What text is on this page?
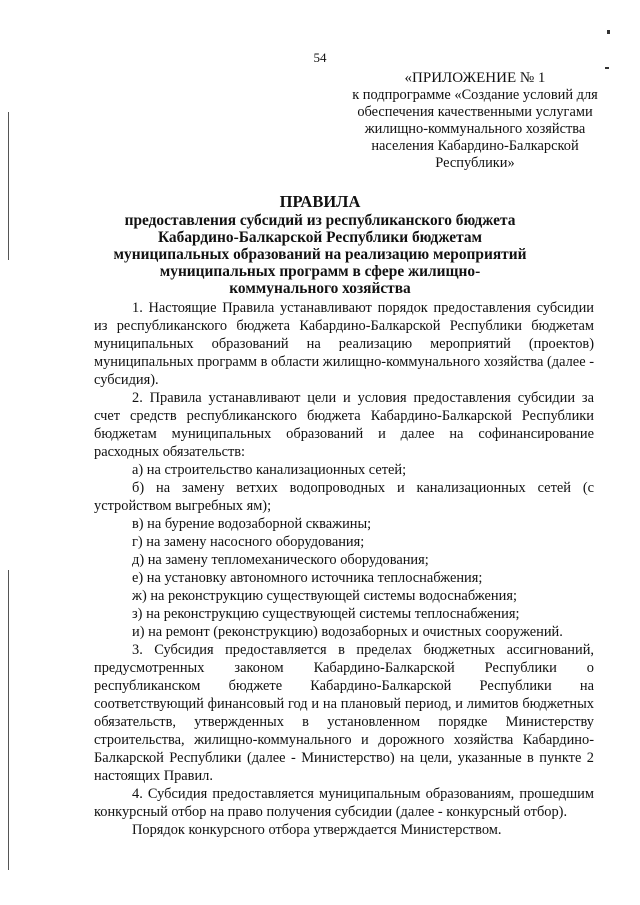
54
«ПРИЛОЖЕНИЕ № 1
к подпрограмме «Создание условий для обеспечения качественными услугами жилищно-коммунального хозяйства населения Кабардино-Балкарской Республики»
ПРАВИЛА
предоставления субсидий из республиканского бюджета Кабардино-Балкарской Республики бюджетам муниципальных образований на реализацию мероприятий муниципальных программ в сфере жилищно-коммунального хозяйства

1. Настоящие Правила устанавливают порядок предоставления субсидии из республиканского бюджета Кабардино-Балкарской Республики бюджетам муниципальных образований на реализацию мероприятий (проектов) муниципальных программ в области жилищно-коммунального хозяйства (далее - субсидия).

2. Правила устанавливают цели и условия предоставления субсидии за счет средств республиканского бюджета Кабардино-Балкарской Республики бюджетам муниципальных образований и далее на софинансирование расходных обязательств:

а) на строительство канализационных сетей;

б) на замену ветхих водопроводных и канализационных сетей (с устройством выгребных ям);

в) на бурение водозаборной скважины;

г) на замену насосного оборудования;

д) на замену тепломеханического оборудования;

е) на установку автономного источника теплоснабжения;

ж) на реконструкцию существующей системы водоснабжения;

з) на реконструкцию существующей системы теплоснабжения;

и) на ремонт (реконструкцию) водозаборных и очистных сооружений.

3. Субсидия предоставляется в пределах бюджетных ассигнований, предусмотренных законом Кабардино-Балкарской Республики о республиканском бюджете Кабардино-Балкарской Республики на соответствующий финансовый год и на плановый период, и лимитов бюджетных обязательств, утвержденных в установленном порядке Министерству строительства, жилищно-коммунального и дорожного хозяйства Кабардино-Балкарской Республики (далее - Министерство) на цели, указанные в пункте 2 настоящих Правил.

4. Субсидия предоставляется муниципальным образованиям, прошедшим конкурсный отбор на право получения субсидии (далее - конкурсный отбор).

Порядок конкурсного отбора утверждается Министерством.
